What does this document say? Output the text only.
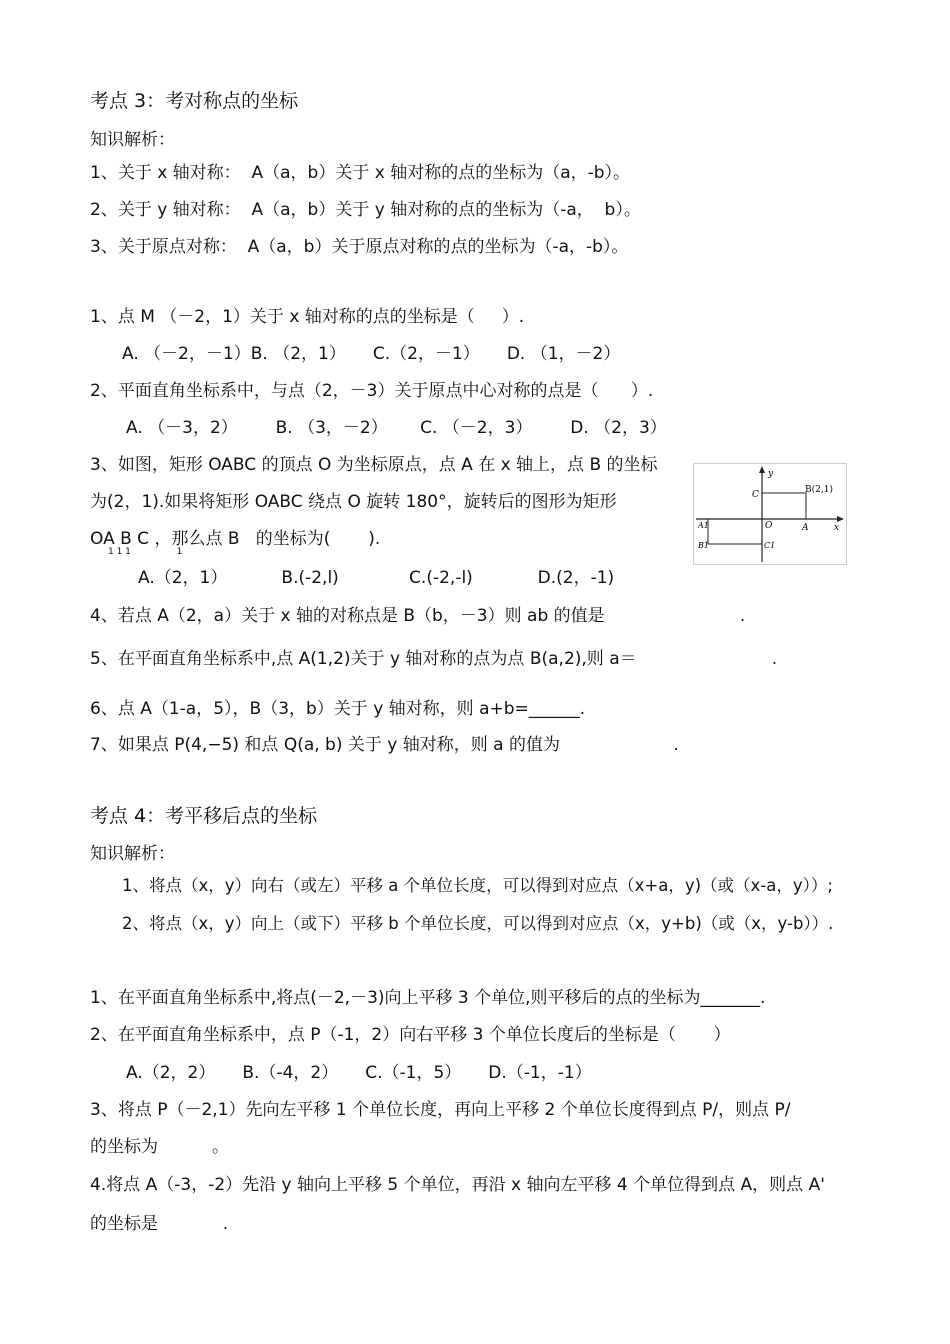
考点 3：考对称点的坐标
知识解析：
1、关于 x 轴对称：  A（a，b）关于 x 轴对称的点的坐标为（a，-b）。
2、关于 y 轴对称：  A（a，b）关于 y 轴对称的点的坐标为（-a，  b）。
3、关于原点对称：  A（a，b）关于原点对称的点的坐标为（-a，-b）。
1、点 M （－2，1）关于 x 轴对称的点的坐标是（     ）.
A. （－2，－1）B. （2，1）     C.（2，－1）     D. （1，－2）
2、平面直角坐标系中，与点（2，－3）关于原点中心对称的点是（      ）.
A. （－3，2）       B. （3，－2）      C. （－2，3）       D. （2，3）
3、如图，矩形 OABC 的顶点 O 为坐标原点，点 A 在 x 轴上，点 B 的坐标
为(2，1).如果将矩形 OABC 绕点 O 旋转 180°，旋转后的图形为矩形
OA B C ，那么点 B   的坐标为(       ).
1 1 1                1
A.（2，1）          B.(-2,l)             C.(-2,-l)            D.(2，-1)
y
x
C	B(2,1)
A1	O	A
B1	C1
4、若点 A（2，a）关于 x 轴的对称点是 B（b，－3）则 ab 的值是                         .
5、在平面直角坐标系中,点 A(1,2)关于 y 轴对称的点为点 B(a,2),则 a＝                         .
6、点 A（1-a，5），B（3，b）关于 y 轴对称，则 a+b=______.
7、如果点 P(4,−5) 和点 Q(a, b) 关于 y 轴对称，则 a 的值为                     .
考点 4：考平移后点的坐标
知识解析：
1、将点（x，y）向右（或左）平移 a 个单位长度，可以得到对应点（x+a，y)（或（x-a，y））;
2、将点（x，y）向上（或下）平移 b 个单位长度，可以得到对应点（x，y+b)（或（x，y-b））.
1、在平面直角坐标系中,将点(－2,－3)向上平移 3 个单位,则平移后的点的坐标为_______.
2、在平面直角坐标系中，点 P（-1，2）向右平移 3 个单位长度后的坐标是（       ）
A.（2，2）     B.（-4，2）     C.（-1，5）     D.（-1，-1）
3、将点 P（－2,1）先向左平移 1 个单位长度，再向上平移 2 个单位长度得到点 P/，则点 P/
的坐标为          。
4.将点 A（-3，-2）先沿 y 轴向上平移 5 个单位，再沿 x 轴向左平移 4 个单位得到点 A，则点 A'
的坐标是            .
